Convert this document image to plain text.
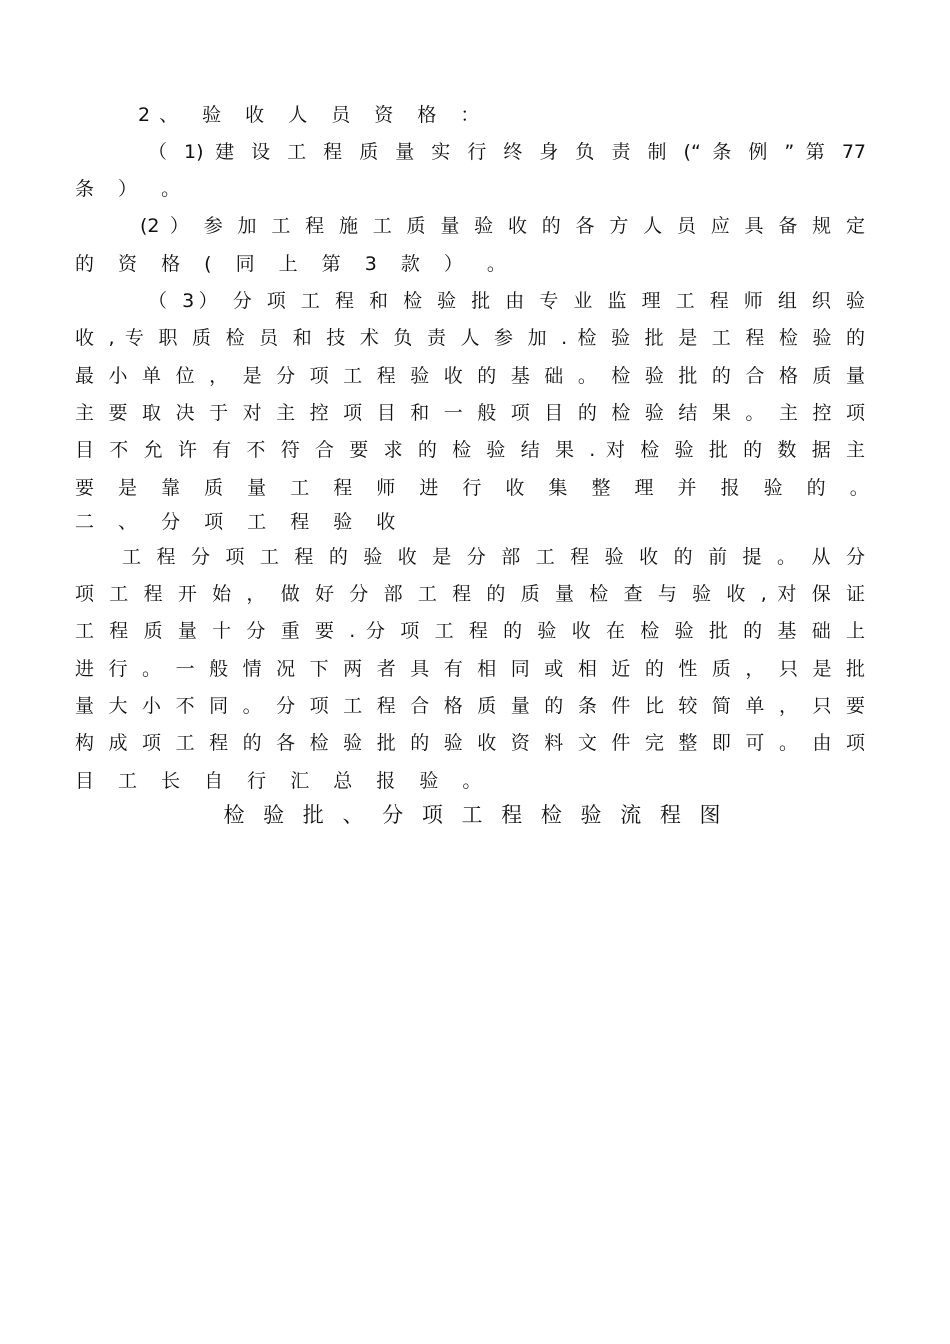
2、 验 收 人 员 资 格 ：
（ 1) 建 设 工 程 质 量 实 行 终 身 负 责 制 (“ 条 例 ” 第 77
条 ） 。
(2 ） 参 加 工 程 施 工 质 量 验 收 的 各 方 人 员 应 具 备 规 定
的 资 格 ( 同 上 第 3 款 ） 。
（ 3） 分 项 工 程 和 检 验 批 由 专 业 监 理 工 程 师 组 织 验
收 , 专 职 质 检 员 和 技 术 负 责 人 参 加 . 检 验 批 是 工 程 检 验 的
最 小 单 位 ， 是 分 项 工 程 验 收 的 基 础 。 检 验 批 的 合 格 质 量
主 要 取 决 于 对 主 控 项 目 和 一 般 项 目 的 检 验 结 果 。 主 控 项
目 不 允 许 有 不 符 合 要 求 的 检 验 结 果 . 对 检 验 批 的 数 据 主
要 是 靠 质 量 工 程 师 进 行 收 集 整 理 并 报 验 的 。
二 、 分 项 工 程 验 收
工 程 分 项 工 程 的 验 收 是 分 部 工 程 验 收 的 前 提 。 从 分
项 工 程 开 始 ， 做 好 分 部 工 程 的 质 量 检 查 与 验 收 , 对 保 证
工 程 质 量 十 分 重 要 . 分 项 工 程 的 验 收 在 检 验 批 的 基 础 上
进 行 。 一 般 情 况 下 两 者 具 有 相 同 或 相 近 的 性 质 ， 只 是 批
量 大 小 不 同 。 分 项 工 程 合 格 质 量 的 条 件 比 较 简 单 ， 只 要
构 成 项 工 程 的 各 检 验 批 的 验 收 资 料 文 件 完 整 即 可 。 由 项
目 工 长 自 行 汇 总 报 验 。
检 验 批 、 分 项 工 程 检 验 流 程 图
